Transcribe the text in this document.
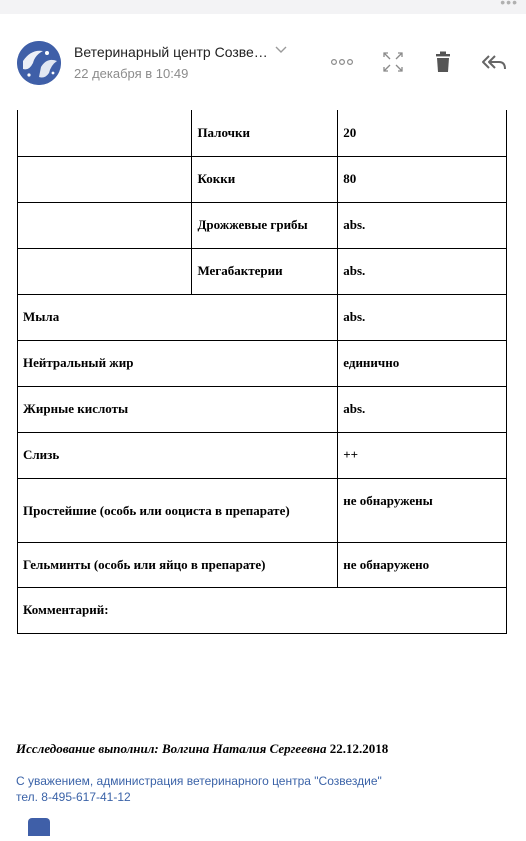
•••
Ветеринарный центр Созве…
22 декабря в 10:49
	Палочки	20
	Кокки	80
	Дрожжевые грибы	abs.
	Мегабактерии	abs.
Мыла		abs.
Нейтральный жир		единично
Жирные кислоты		abs.
Слизь		++
Простейшие (особь или ооциста в препарате)		не обнаружены
Гельминты (особь или яйцо в препарате)		не обнаружено
Комментарий:		
Исследование выполнил: Волгина Наталия Сергеевна 22.12.2018
С уважением, администрация ветеринарного центра "Созвездие"
тел. 8-495-617-41-12
